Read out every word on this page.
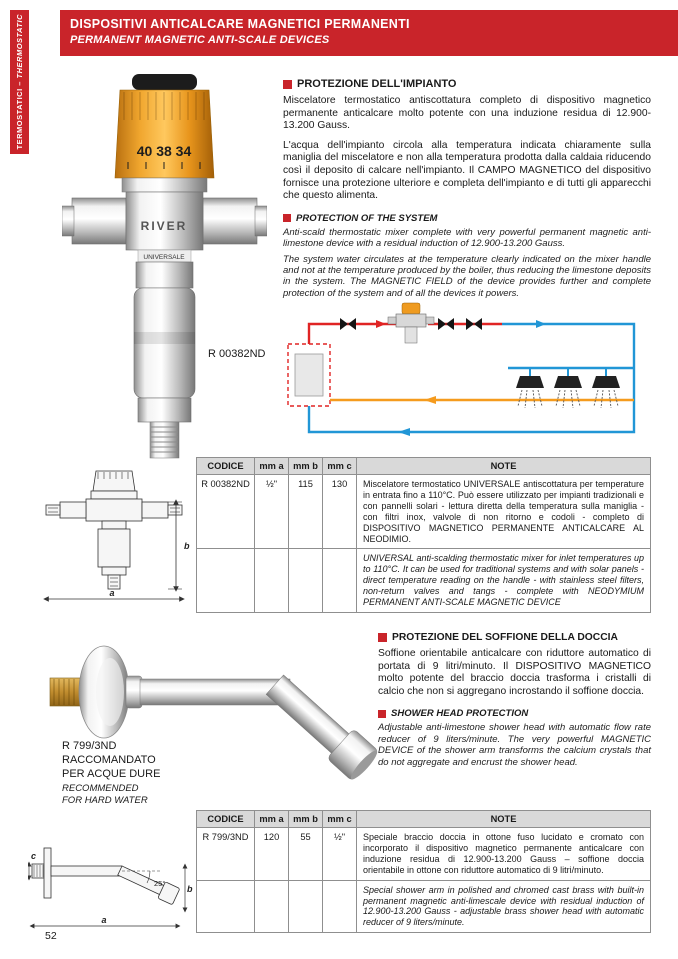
TERMOSTATICI – THERMOSTATIC	DISPOSITIVI ANTICALCARE MAGNETICI PERMANENTI
PERMANENT MAGNETIC ANTI-SCALE DEVICES
40 38 34
RIVER
UNIVERSALE
PROTEZIONE DELL'IMPIANTO

Miscelatore termostatico antiscottatura completo di dispositivo magnetico permanente anticalcare molto potente con una induzione residua di 12.900-13.200 Gauss.

L'acqua dell'impianto circola alla temperatura indicata chiaramente sulla maniglia del miscelatore e non alla temperatura prodotta dalla caldaia riducendo così il deposito di calcare nell'impianto. Il CAMPO MAGNETICO del dispositivo fornisce una protezione ulteriore e completa dell'impianto e di tutti gli apparecchi che questo alimenta.

PROTECTION OF THE SYSTEM

Anti-scald thermostatic mixer complete with very powerful permanent magnetic anti-limestone device with a residual induction of 12.900-13.200 Gauss.

The system water circulates at the temperature clearly indicated on the mixer handle and not at the temperature produced by the boiler, thus reducing the limestone deposits in the system. The MAGNETIC FIELD of the device provides further and complete protection of the system and of all the devices it powers.

R 00382ND
b
a
CODICE	mm a	mm b	mm c	NOTE
R 00382ND	½"	115	130	Miscelatore termostatico UNIVERSALE antiscottatura per temperature in entrata fino a 110°C. Può essere utilizzato per impianti tradizionali e con pannelli solari - lettura diretta della temperatura sulla maniglia - con filtri inox, valvole di non ritorno e codoli - completo di DISPOSITIVO MAGNETICO PERMANENTE ANTICALCARE AL NEODIMIO.
				UNIVERSAL anti-scalding thermostatic mixer for inlet temperatures up to 110°C. It can be used for traditional systems and with solar panels - direct temperature reading on the handle - with stainless steel filters, non-return valves and tangs - complete with NEODYMIUM PERMANENT ANTI-SCALE MAGNETIC DEVICE
PROTEZIONE DEL SOFFIONE DELLA DOCCIA

Soffione orientabile anticalcare con riduttore automatico di portata di 9 litri/minuto. Il DISPOSITIVO MAGNETICO molto potente del braccio doccia trasforma i cristalli di calcio che non si aggregano incrostando il soffione doccia.

SHOWER HEAD PROTECTION

Adjustable anti-limestone shower head with automatic flow rate reducer of 9 liters/minute. The very powerful MAGNETIC DEVICE of the shower arm transforms the calcium crystals that do not aggregate and encrust the shower head.

R 799/3ND
RACCOMANDATO
PER ACQUE DURE
RECOMMENDED
FOR HARD WATER
CODICE	mm a	mm b	mm c	NOTE
R 799/3ND	120	55	½"	Speciale braccio doccia in ottone fuso lucidato e cromato con incorporato il dispositivo magnetico permanente anticalcare con induzione residua di 12.900-13.200 Gauss – soffione doccia orientabile in ottone con riduttore automatico di 9 litri/minuto.
				Special shower arm in polished and chromed cast brass with built-in permanent magnetic anti-limescale device with residual induction of 12.900-13.200 Gauss - adjustable brass shower head with automatic reducer of 9 liters/minute.
25°
c
b
a
52
